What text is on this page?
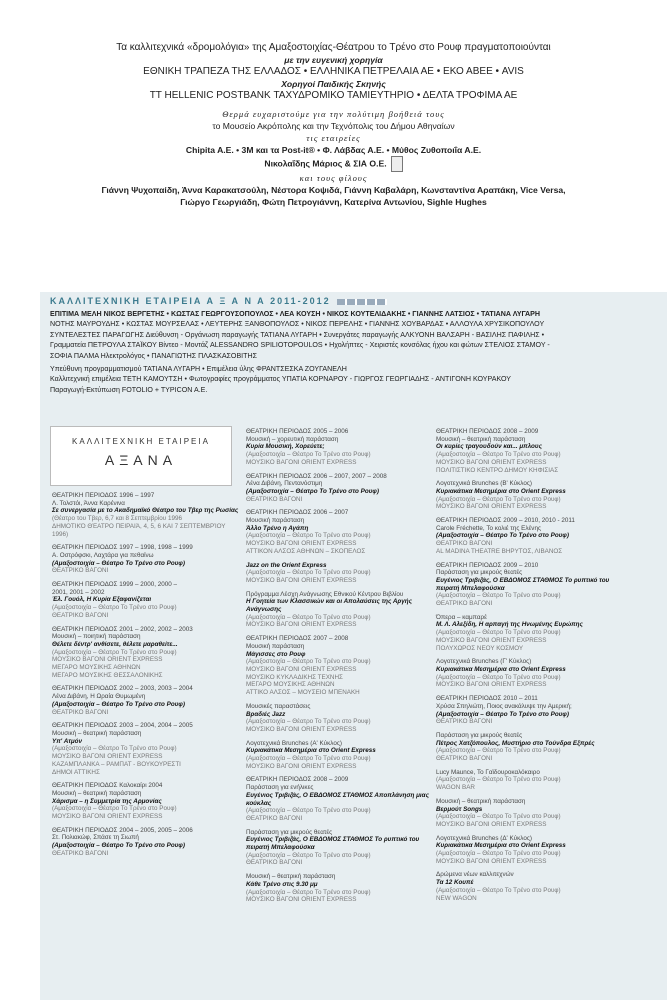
Τα καλλιτεχνικά «δρομολόγια» της Αμαξοστοιχίας-Θέατρου το Τρένο στο Ρουφ πραγματοποιούνται
με την ευγενική χορηγία
ΕΘΝΙΚΗ ΤΡΑΠΕΖΑ ΤΗΣ ΕΛΛΑΔΟΣ • ΕΛΛΗΝΙΚΑ ΠΕΤΡΕΛΑΙΑ ΑΕ • ΕΚΟ ΑΒΕΕ • AVIS
Χορηγοί Παιδικής Σκηνής
TT HELLENIC POSTBANK ΤΑΧΥΔΡΟΜΙΚΟ ΤΑΜΙΕΥΤΗΡΙΟ • ΔΕΛΤΑ ΤΡΟΦΙΜΑ ΑΕ
Θερμά ευχαριστούμε για την πολύτιμη βοήθειά τους
το Μουσείο Ακρόπολης και την Τεχνόπολις του Δήμου Αθηναίων
τις εταιρείες
Chipita A.E. • 3M και τα Post-it® • Φ. Λάβδας Α.Ε. • Μύθος Ζυθοποιΐα Α.Ε.
Νικολαΐδης Μάριος & ΣΙΑ Ο.Ε.
και τους φίλους
Γιάννη Ψυχοπαίδη, Άννα Καρακατσούλη, Νέστορα Κοψιδά, Γιάννη Καβαλάρη, Κωνσταντίνα Αραπάκη, Vice Versa,
Γιώργο Γεωργιάδη, Φώτη Πετρογιάννη, Κατερίνα Αντωνίου, Sighle Hughes
ΚΑΛΛΙΤΕΧΝΙΚΗ ΕΤΑΙΡΕΙΑ Α Ξ Α Ν Α 2011-2012
ΕΠΙΤΙΜΑ ΜΕΛΗ ΝΙΚΟΣ ΒΕΡΓΕΤΗΣ • ΚΩΣΤΑΣ ΓΕΩΡΓΟΥΣΟΠΟΥΛΟΣ • ΛΕΑ ΚΟΥΣΗ • ΝΙΚΟΣ ΚΟΥΤΕΛΙΔΑΚΗΣ • ΓΙΑΝΝΗΣ ΛΑΤΣΙΟΣ • ΤΑΤΙΑΝΑ ΛΥΓΑΡΗ
ΝΟΤΗΣ ΜΑΥΡΟΥΔΗΣ • ΚΩΣΤΑΣ ΜΟΥΡΣΕΛΑΣ • ΛΕΥΤΕΡΗΣ ΞΑΝΘΟΠΟΥΛΟΣ • ΝΙΚΟΣ ΠΕΡΕΛΗΣ • ΓΙΑΝΝΗΣ ΧΟΥΒΑΡΔΑΣ • ΑΛΛΟΥΛΑ ΧΡΥΣΙΚΟΠΟΥΛΟΥ
ΣΥΝΤΕΛΕΣΤΕΣ ΠΑΡΑΓΩΓΗΣ Διεύθυνση - Οργάνωση παραγωγής ΤΑΤΙΑΝΑ ΛΥΓΑΡΗ • Συνεργάτες παραγωγής ΑΛΚΥΟΝΗ ΒΑΛΣΑΡΗ - ΒΑΣΙΛΗΣ ΠΑΦΙΛΗΣ •
Γραμματεία ΠΕΤΡΟΥΛΑ ΣΤΑΪΚΟΥ Βίντεο - Μοντάζ ALESSANDRO SPILIOTOPOULOS • Ηχολήπτες - Χειριστές κονσόλας ήχου και φώτων ΣΤΕΛΙΟΣ ΣΤΑΜΟΥ -
ΣΟΦΙΑ ΠΑΛΜΑ Ηλεκτρολόγος • ΠΑΝΑΓΙΩΤΗΣ ΠΛΑΣΚΑΣΟΒΙΤΗΣ
Υπεύθυνη προγραμματισμού ΤΑΤΙΑΝΑ ΛΥΓΑΡΗ • Επιμέλεια ύλης ΦΡΑΝΤΣΕΣΚΑ ΖΟΥΓΑΝΕΛΗ
Καλλιτεχνική επιμέλεια ΤΕΤΗ ΚΑΜΟΥΤΣΗ • Φωτογραφίες προγράμματος ΥΠΑΤΙΑ ΚΟΡΝΑΡΟΥ - ΓΙΩΡΓΟΣ ΓΕΩΡΓΙΑΔΗΣ - ΑΝΤΙΓΟΝΗ ΚΟΥΡΑΚΟΥ
Παραγωγή-Εκτύπωση FOTOLIO + TYPICON A.E.
ΚΑΛΛΙΤΕΧΝΙΚΗ ΕΤΑΙΡΕΙΑ
ΑΞΑΝΑ
ΘΕΑΤΡΙΚΗ ΠΕΡΙΟΔΟΣ 1996 – 1997
Λ. Τολστόι, Άννα Καρένινα
Σε συνεργασία με το Ακαδημαϊκό Θέατρο του Τβερ της Ρωσίας
(Θέατρο του Τβερ, 6,7 και 8 Σεπτεμβρίου 1996
ΔΗΜΟΤΙΚΌ ΘΈΑΤΡΟ ΠΕΙΡΑΙΆ, 4, 5, 6 ΚΑΙ 7 ΣΕΠΤΕΜΒΡΊΟΥ 1996)
ΘΕΑΤΡΙΚΗ ΠΕΡΙΟΔΟΣ 1997 – 1998, 1998 – 1999
Α. Οστρόφσκι, Λαχτάρα για πεθαίνω
(Αμαξοστοιχία – Θέατρο Το Τρένο στο Ρουφ)
ΘΕΑΤΡΙΚΟ ΒΑΓΟΝΙ
ΘΕΑΤΡΙΚΗ ΠΕΡΙΟΔΟΣ 1999 – 2000, 2000 –
2001, 2001 – 2002
Έλ. Γουόλ, Η Κυρία Εξαφανίζεται
(Αμαξοστοιχία – Θέατρο Το Τρένο στο Ρουφ)
ΘΕΑΤΡΙΚΟ ΒΑΓΟΝΙ
ΘΕΑΤΡΙΚΗ ΠΕΡΙΟΔΟΣ 2001 – 2002, 2002 – 2003
Μουσική – ποιητική παράσταση
Θέλετε δέντρ' ανθίσετε, θέλετε μαραθείτε...
(Αμαξοστοιχία – Θέατρο Το Τρένο στο Ρουφ)
ΜΟΥΣΙΚΟ ΒΑΓΟΝΙ ORIENT EXPRESS
ΜΕΓΑΡΟ ΜΟΥΣΙΚΗΣ ΑΘΗΝΩΝ
ΜΕΓΑΡΟ ΜΟΥΣΙΚΗΣ ΘΕΣΣΑΛΟΝΙΚΗΣ
ΘΕΑΤΡΙΚΗ ΠΕΡΙΟΔΟΣ 2002 – 2003, 2003 – 2004
Λένα Διβάνη, Η Ωραία Θυμωμένη
(Αμαξοστοιχία – Θέατρο Το Τρένο στο Ρουφ)
ΘΕΑΤΡΙΚΟ ΒΑΓΟΝΙ
ΘΕΑΤΡΙΚΗ ΠΕΡΙΟΔΟΣ 2003 – 2004, 2004 – 2005
Μουσική – θεατρική παράσταση
Υπ' Ατμόν
(Αμαξοστοιχία – Θέατρο Το Τρένο στο Ρουφ)
ΜΟΥΣΙΚΟ ΒΑΓΟΝΙ ORIENT EXPRESS
ΚΑΖΑΜΠΛΑΝΚΑ – ΡΑΜΠΑΤ - ΒΟΥΚΟΥΡΕΣΤΙ
ΔΗΜΟΙ ΑΤΤΙΚΗΣ
ΘΕΑΤΡΙΚΗ ΠΕΡΙΟΔΟΣ Καλοκαίρι 2004
Μουσική – θεατρική παράσταση
Χάρισμα – η Συμμετρία της Αρμονίας
(Αμαξοστοιχία – Θέατρο Το Τρένο στο Ρουφ)
ΜΟΥΣΙΚΟ ΒΑΓΟΝΙ ORIENT EXPRESS
ΘΕΑΤΡΙΚΗ ΠΕΡΙΟΔΟΣ 2004 – 2005, 2005 – 2006
Στ. Πολιακώφ, Σπάσε τη Σιωπή
(Αμαξοστοιχία – Θέατρο Το Τρένο στο Ρουφ)
ΘΕΑΤΡΙΚΟ ΒΑΓΟΝΙ
ΘΕΑΤΡΙΚΗ ΠΕΡΙΟΔΟΣ 2005 – 2006
Μουσική – χορευτική παράσταση
Κυρία Μουσική, Χορεύετε;
(Αμαξοστοιχία – Θέατρο Το Τρένο στο Ρουφ)
ΜΟΥΣΙΚΟ ΒΑΓΟΝΙ ORIENT EXPRESS
ΘΕΑΤΡΙΚΗ ΠΕΡΙΟΔΟΣ 2006 – 2007, 2007 – 2008
Λένα Διβάνη, Πεντανόστιμη
(Αμαξοστοιχία – Θέατρο Το Τρένο στο Ρουφ)
ΘΕΑΤΡΙΚΟ ΒΑΓΟΝΙ
ΘΕΑΤΡΙΚΗ ΠΕΡΙΟΔΟΣ 2006 – 2007
Μουσική παράσταση
Άλλο Τρένο η Αγάπη
(Αμαξοστοιχία – Θέατρο Το Τρένο στο Ρουφ)
ΜΟΥΣΙΚΟ ΒΑΓΟΝΙ ORIENT EXPRESS
ΑΤΤΙΚΟΝ ΑΛΣΟΣ ΑΘΗΝΩΝ – ΣΚΟΠΕΛΟΣ
Jazz on the Orient Express
(Αμαξοστοιχία – Θέατρο Το Τρένο στο Ρουφ)
ΜΟΥΣΙΚΟ ΒΑΓΟΝΙ ORIENT EXPRESS
Πρόγραμμα Λέσχη Ανάγνωσης Εθνικού Κέντρου Βιβλίου
Η Γοητεία των Κλασσικών και οι Απολαύσεις της Αργής Ανάγνωσης
(Αμαξοστοιχία – Θέατρο Το Τρένο στο Ρουφ)
ΜΟΥΣΙΚΟ ΒΑΓΟΝΙ ORIENT EXPRESS
ΘΕΑΤΡΙΚΗ ΠΕΡΙΟΔΟΣ 2007 – 2008
Μουσική παράσταση
Μάγισσες στο Ρουφ
(Αμαξοστοιχία – Θέατρο Το Τρένο στο Ρουφ)
ΜΟΥΣΙΚΟ ΒΑΓΟΝΙ ORIENT EXPRESS
ΜΟΥΣΙΚΟ ΚΥΚΛΑΔΙΚΗΣ ΤΕΧΝΗΣ
ΜΕΓΑΡΟ ΜΟΥΣΙΚΗΣ ΑΘΗΝΩΝ
ΑΤΤΙΚΟ ΑΛΣΟΣ – ΜΟΥΣΕΙΟ ΜΠΕΝΑΚΗ
Μουσικές παραστάσεις
Βραδιές Jazz
(Αμαξοστοιχία – Θέατρο Το Τρένο στο Ρουφ)
ΜΟΥΣΙΚΟ ΒΑΓΟΝΙ ORIENT EXPRESS
Λογοτεχνικά Brunches (Α' Κύκλος)
Κυριακάτικα Μεσημέρια στο Orient Express
(Αμαξοστοιχία – Θέατρο Το Τρένο στο Ρουφ)
ΜΟΥΣΙΚΟ ΒΑΓΟΝΙ ORIENT EXPRESS
ΘΕΑΤΡΙΚΗ ΠΕΡΙΟΔΟΣ 2008 – 2009
Παράσταση για ενήλικες
Ευγένιος Τριβιζάς, Ο ΕΒΔΟΜΟΣ ΣΤΑΘΜΟΣ Αποπλάνηση μιας κούκλας
(Αμαξοστοιχία – Θέατρο Το Τρένο στο Ρουφ)
ΘΕΑΤΡΙΚΟ ΒΑΓΟΝΙ
Παράσταση για μικρούς θεατές
Ευγένιος Τριβιζάς, Ο ΕΒΔΟΜΟΣ ΣΤΑΘΜΟΣ Το ρυπτικό του πειρατή Μπελαφούσκα
(Αμαξοστοιχία – Θέατρο Το Τρένο στο Ρουφ)
ΘΕΑΤΡΙΚΟ ΒΑΓΟΝΙ
Μουσική – θεατρική παράσταση
Κάθε Τρένο στις 9.30 μμ
(Αμαξοστοιχία – Θέατρο Το Τρένο στο Ρουφ)
ΜΟΥΣΙΚΟ ΒΑΓΟΝΙ ORIENT EXPRESS
ΘΕΑΤΡΙΚΗ ΠΕΡΙΟΔΟΣ 2008 – 2009
Μουσική – θεατρική παράσταση
Οι κυρίες τραγουδούν και... μπλους
(Αμαξοστοιχία – Θέατρο Το Τρένο στο Ρουφ)
ΜΟΥΣΙΚΟ ΒΑΓΟΝΙ ORIENT EXPRESS
ΠΟΛΙΤΙΣΤΙΚΟ ΚΕΝΤΡΟ ΔΗΜΟΥ ΚΗΦΙΣΙΑΣ
Λογοτεχνικά Brunches (Β' Κύκλος)
Κυριακάτικα Μεσημέρια στο Orient Express
(Αμαξοστοιχία – Θέατρο Το Τρένο στο Ρουφ)
ΜΟΥΣΙΚΟ ΒΑΓΟΝΙ ORIENT EXPRESS
ΘΕΑΤΡΙΚΗ ΠΕΡΙΟΔΟΣ 2009 – 2010, 2010 - 2011
Carole Fréchette, Το κολιέ της Ελένης
(Αμαξοστοιχία – Θέατρο Το Τρένο στο Ρουφ)
ΘΕΑΤΡΙΚΟ ΒΑΓΟΝΙ
AL MADINA THEATRE ΒΗΡΥΤΟΣ, ΛΙΒΑΝΟΣ
ΘΕΑΤΡΙΚΗ ΠΕΡΙΟΔΟΣ 2009 – 2010
Παράσταση για μικρούς θεατές
Ευγένιος Τριβιζάς, Ο ΕΒΔΟΜΟΣ ΣΤΑΘΜΟΣ Το ρυπτικό του πειρατή Μπελαφούσκα
(Αμαξοστοιχία – Θέατρο Το Τρένο στο Ρουφ)
ΘΕΑΤΡΙΚΟ ΒΑΓΟΝΙ
Όπερα – καμπαρέ
Μ. Λ. Αλεξίδη, Η αρπαγή της Ηνωμένης Ευρώπης
(Αμαξοστοιχία – Θέατρο Το Τρένο στο Ρουφ)
ΜΟΥΣΙΚΟ ΒΑΓΟΝΙ ORIENT EXPRESS
ΠΟΛΥΧΩΡΟΣ ΝΕΟΥ ΚΟΣΜΟΥ
Λογοτεχνικά Brunches (Γ' Κύκλος)
Κυριακάτικα Μεσημέρια στο Orient Express
(Αμαξοστοιχία – Θέατρο Το Τρένο στο Ρουφ)
ΜΟΥΣΙΚΟ ΒΑΓΟΝΙ ORIENT EXPRESS
ΘΕΑΤΡΙΚΗ ΠΕΡΙΟΔΟΣ 2010 – 2011
Χρύσα Σπηλιώτη, Ποιος ανακάλυψε την Αμερική;
(Αμαξοστοιχία – Θέατρο Το Τρένο στο Ρουφ)
ΘΕΑΤΡΙΚΟ ΒΑΓΟΝΙ
Παράσταση για μικρούς θεατές
Πέτρος Χατζόπουλος, Μυστήριο στο Τούνδρα Εξπρές
(Αμαξοστοιχία – Θέατρο Το Τρένο στο Ρουφ)
ΘΕΑΤΡΙΚΟ ΒΑΓΟΝΙ
Lucy Maunce, Το Γαϊδουροκαλόκαιρο
(Αμαξοστοιχία – Θέατρο Το Τρένο στο Ρουφ)
WAGON BAR
Μουσική – θεατρική παράσταση
Βερμούτ Songs
(Αμαξοστοιχία – Θέατρο Το Τρένο στο Ρουφ)
ΜΟΥΣΙΚΟ ΒΑΓΟΝΙ ORIENT EXPRESS
Λογοτεχνικά Brunches (Δ' Κύκλος)
Κυριακάτικα Μεσημέρια στο Orient Express
(Αμαξοστοιχία – Θέατρο Το Τρένο στο Ρουφ)
ΜΟΥΣΙΚΟ ΒΑΓΟΝΙ ORIENT EXPRESS
Δρώμενα νέων καλλιτεχνών
Τα 12 Κουπέ
(Αμαξοστοιχία – Θέατρο Το Τρένο στο Ρουφ)
NEW WAGON
